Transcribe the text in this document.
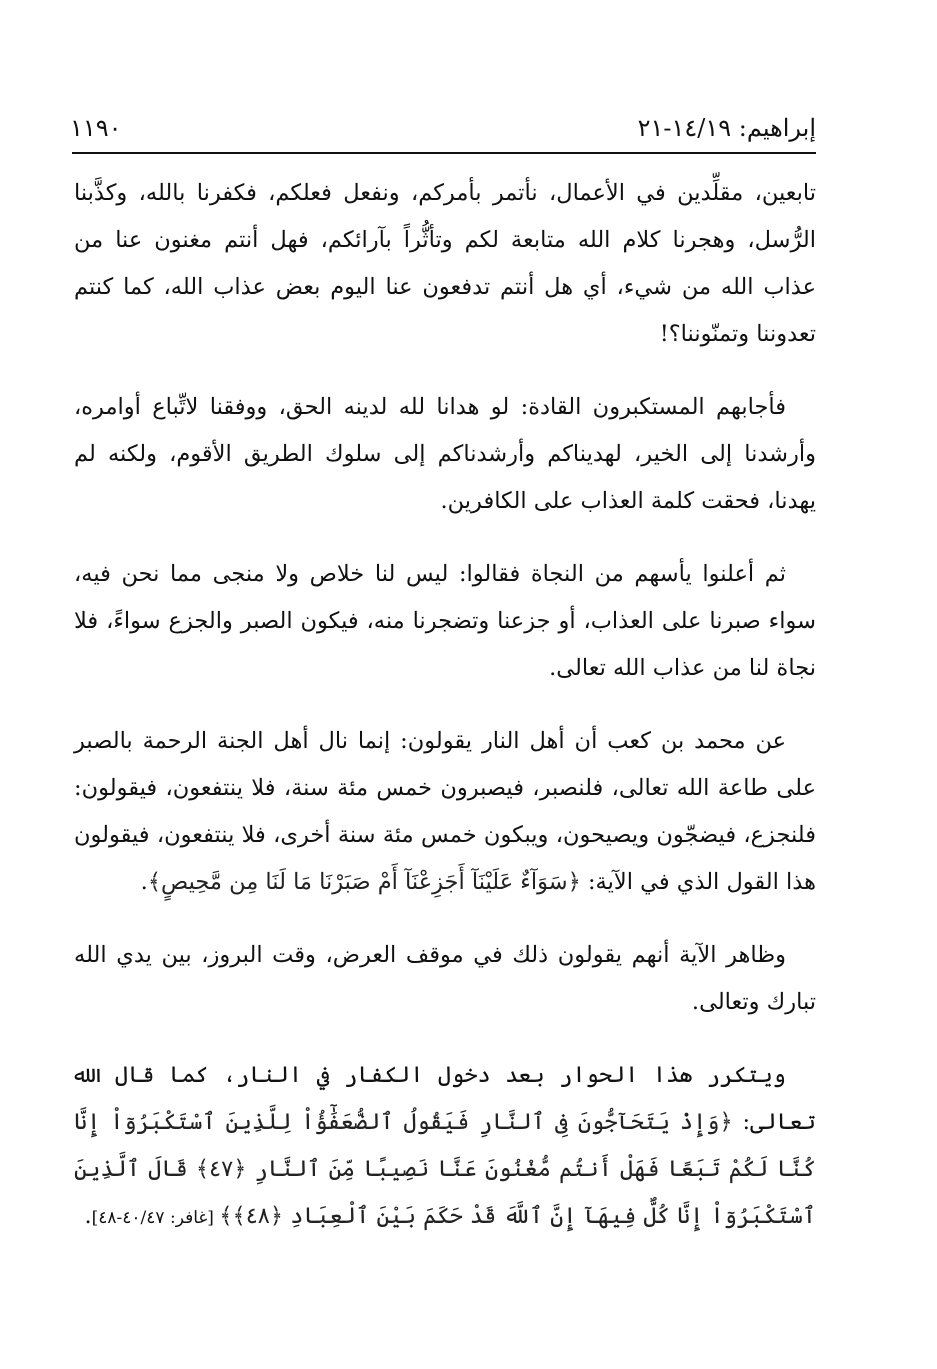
إبراهيم: ١٤/١٩-٢١
١١٩٠

تابعين، مقلِّدين في الأعمال، نأتمر بأمركم، ونفعل فعلكم، فكفرنا بالله، وكذَّبنا الرُّسل، وهجرنا كلام الله متابعة لكم وتأثُّراً بآرائكم، فهل أنتم مغنون عنا من عذاب الله من شيء، أي هل أنتم تدفعون عنا اليوم بعض عذاب الله، كما كنتم تعدوننا وتمنّوننا؟!

فأجابهم المستكبرون القادة: لو هدانا لله لدينه الحق، ووفقنا لاتِّباع أوامره، وأرشدنا إلى الخير، لهديناكم وأرشدناكم إلى سلوك الطريق الأقوم، ولكنه لم يهدنا، فحقت كلمة العذاب على الكافرين.

ثم أعلنوا يأسهم من النجاة فقالوا: ليس لنا خلاص ولا منجى مما نحن فيه، سواء صبرنا على العذاب، أو جزعنا وتضجرنا منه، فيكون الصبر والجزع سواءً، فلا نجاة لنا من عذاب الله تعالى.

عن محمد بن كعب أن أهل النار يقولون: إنما نال أهل الجنة الرحمة بالصبر على طاعة الله تعالى، فلنصبر، فيصبرون خمس مئة سنة، فلا ينتفعون، فيقولون: فلنجزع، فيضجّون ويصيحون، ويبكون خمس مئة سنة أخرى، فلا ينتفعون، فيقولون هذا القول الذي في الآية: ﴿سَوَآءٌ عَلَيْنَآ أَجَزِعْنَآ أَمْ صَبَرْنَا مَا لَنَا مِن مَّحِيصٍ﴾.

وظاهر الآية أنهم يقولون ذلك في موقف العرض، وقت البروز، بين يدي الله تبارك وتعالى.

ويتكرر هذا الحوار بعد دخول الكفار في النار، كما قال الله تعالى: ﴿وَإِذْ يَتَحَآجُّونَ فِى ٱلنَّارِ فَيَقُولُ ٱلضُّعَفَٰٓؤُاْ لِلَّذِينَ ٱسْتَكْبَرُوٓاْ إِنَّا كُنَّا لَكُمْ تَبَعًا فَهَلْ أَنتُم مُّغْنُونَ عَنَّا نَصِيبًا مِّنَ ٱلنَّارِ ﴿٤٧﴾ قَالَ ٱلَّذِينَ ٱسْتَكْبَرُوٓاْ إِنَّا كُلٌّ فِيهَآ إِنَّ ٱللَّهَ قَدْ حَكَمَ بَيْنَ ٱلْعِبَادِ ﴿٤٨﴾﴾ [غافر: ٤٠/٤٧-٤٨].
